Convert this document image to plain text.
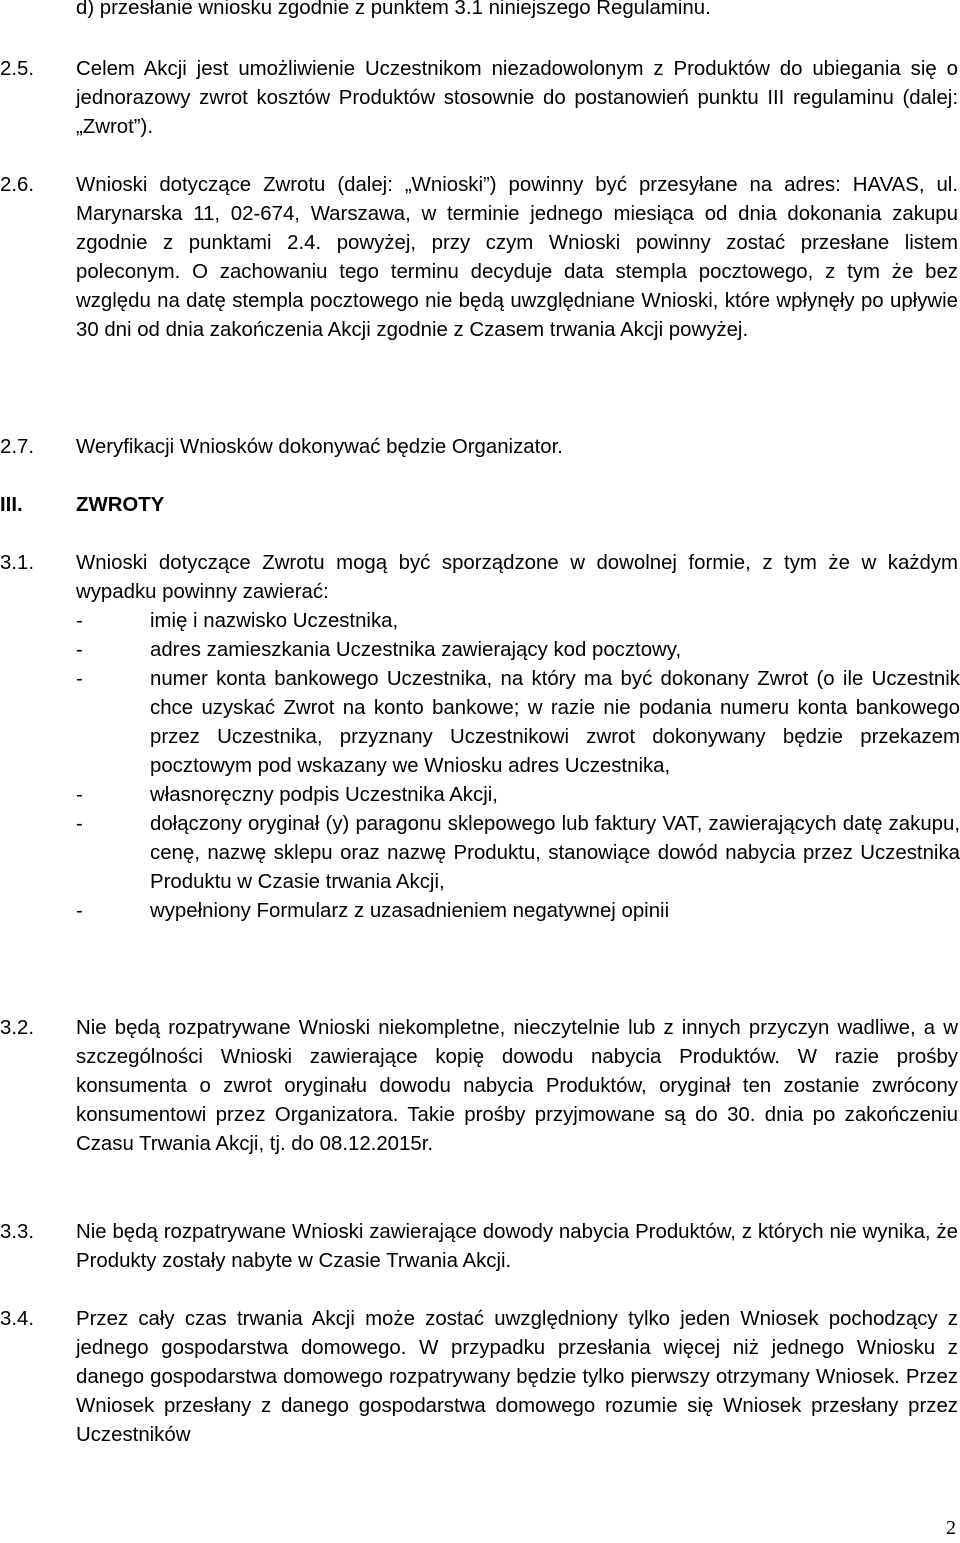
d) przesłanie wniosku zgodnie z punktem 3.1 niniejszego Regulaminu.
2.5. Celem Akcji jest umożliwienie Uczestnikom niezadowolonym z Produktów do ubiegania się o jednorazowy zwrot kosztów Produktów stosownie do postanowień punktu III regulaminu (dalej: „Zwrot”).
2.6. Wnioski dotyczące Zwrotu (dalej: „Wnioski”) powinny być przesyłane na adres: HAVAS, ul. Marynarska 11, 02-674, Warszawa, w terminie jednego miesiąca od dnia dokonania zakupu zgodnie z punktami 2.4. powyżej, przy czym Wnioski powinny zostać przesłane listem poleconym. O zachowaniu tego terminu decyduje data stempla pocztowego, z tym że bez względu na datę stempla pocztowego nie będą uwzględniane Wnioski, które wpłynęły po upływie 30 dni od dnia zakończenia Akcji zgodnie z Czasem trwania Akcji powyżej.
2.7. Weryfikacji Wniosków dokonywać będzie Organizator.
III.	ZWROTY
3.1. Wnioski dotyczące Zwrotu mogą być sporządzone w dowolnej formie, z tym że w każdym wypadku powinny zawierać:
-	imię i nazwisko Uczestnika,
-	adres zamieszkania Uczestnika zawierający kod pocztowy,
-	numer konta bankowego Uczestnika, na który ma być dokonany Zwrot (o ile Uczestnik chce uzyskać Zwrot na konto bankowe; w razie nie podania numeru konta bankowego przez Uczestnika, przyznany Uczestnikowi zwrot dokonywany będzie przekazem pocztowym pod wskazany we Wniosku adres Uczestnika,
-	własnoręczny podpis Uczestnika Akcji,
-	dołączony oryginał (y) paragonu sklepowego lub faktury VAT, zawierających datę zakupu, cenę, nazwę sklepu oraz nazwę Produktu, stanowiące dowód nabycia przez Uczestnika Produktu w Czasie trwania Akcji,
-	wypełniony Formularz z uzasadnieniem negatywnej opinii
3.2. Nie będą rozpatrywane Wnioski niekompletne, nieczytelnie lub z innych przyczyn wadliwe, a w szczególności Wnioski zawierające kopię dowodu nabycia Produktów. W razie prośby konsumenta o zwrot oryginału dowodu nabycia Produktów, oryginał ten zostanie zwrócony konsumentowi przez Organizatora. Takie prośby przyjmowane są do 30. dnia po zakończeniu Czasu Trwania Akcji, tj. do 08.12.2015r.
3.3. Nie będą rozpatrywane Wnioski zawierające dowody nabycia Produktów, z których nie wynika, że Produkty zostały nabyte w Czasie Trwania Akcji.
3.4. Przez cały czas trwania Akcji może zostać uwzględniony tylko jeden Wniosek pochodzący z jednego gospodarstwa domowego. W przypadku przesłania więcej niż jednego Wniosku z danego gospodarstwa domowego rozpatrywany będzie tylko pierwszy otrzymany Wniosek. Przez Wniosek przesłany z danego gospodarstwa domowego rozumie się Wniosek przesłany przez Uczestników
2
